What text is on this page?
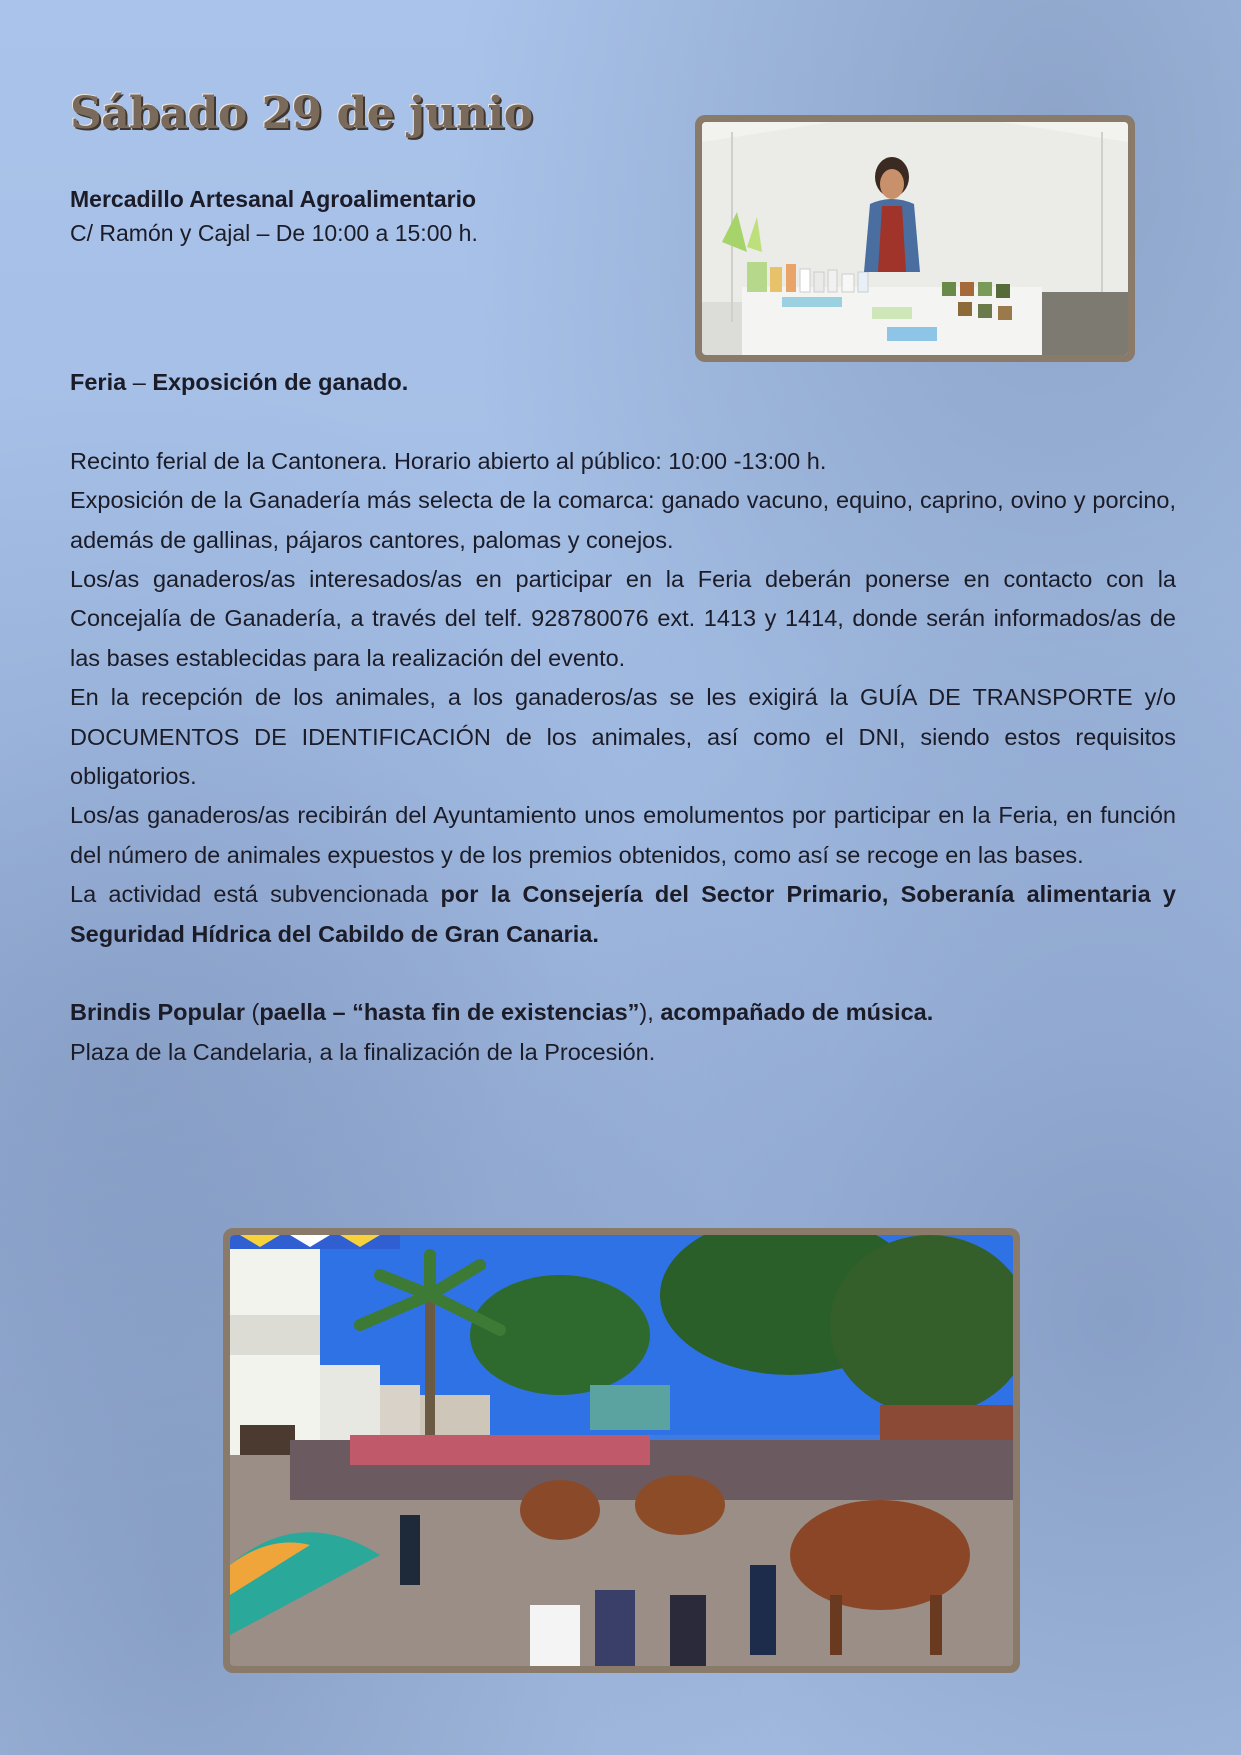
Sábado 29 de junio
Mercadillo Artesanal Agroalimentario
C/ Ramón y Cajal – De 10:00 a 15:00 h.

Feria – Exposición de ganado.

Recinto ferial de la Cantonera. Horario abierto al público: 10:00 -13:00 h.

Exposición de la Ganadería más selecta de la comarca: ganado vacuno, equino, caprino, ovino y porcino, además de gallinas, pájaros cantores, palomas y conejos.

Los/as ganaderos/as interesados/as en participar en la Feria deberán ponerse en contacto con la Concejalía de Ganadería, a través del telf. 928780076 ext. 1413 y 1414, donde serán informados/as de las bases establecidas para la realización del evento.

En la recepción de los animales, a los ganaderos/as se les exigirá la GUÍA DE TRANSPORTE y/o DOCUMENTOS DE IDENTIFICACIÓN de los animales, así como el DNI, siendo estos requisitos obligatorios.

Los/as ganaderos/as recibirán del Ayuntamiento unos emolumentos por participar en la Feria, en función del número de animales expuestos y de los premios obtenidos, como así se recoge en las bases.

La actividad está subvencionada por la Consejería del Sector Primario, Soberanía alimentaria y Seguridad Hídrica del Cabildo de Gran Canaria.

Brindis Popular (paella – “hasta fin de existencias”), acompañado de música.

Plaza de la Candelaria, a la finalización de la Procesión.
